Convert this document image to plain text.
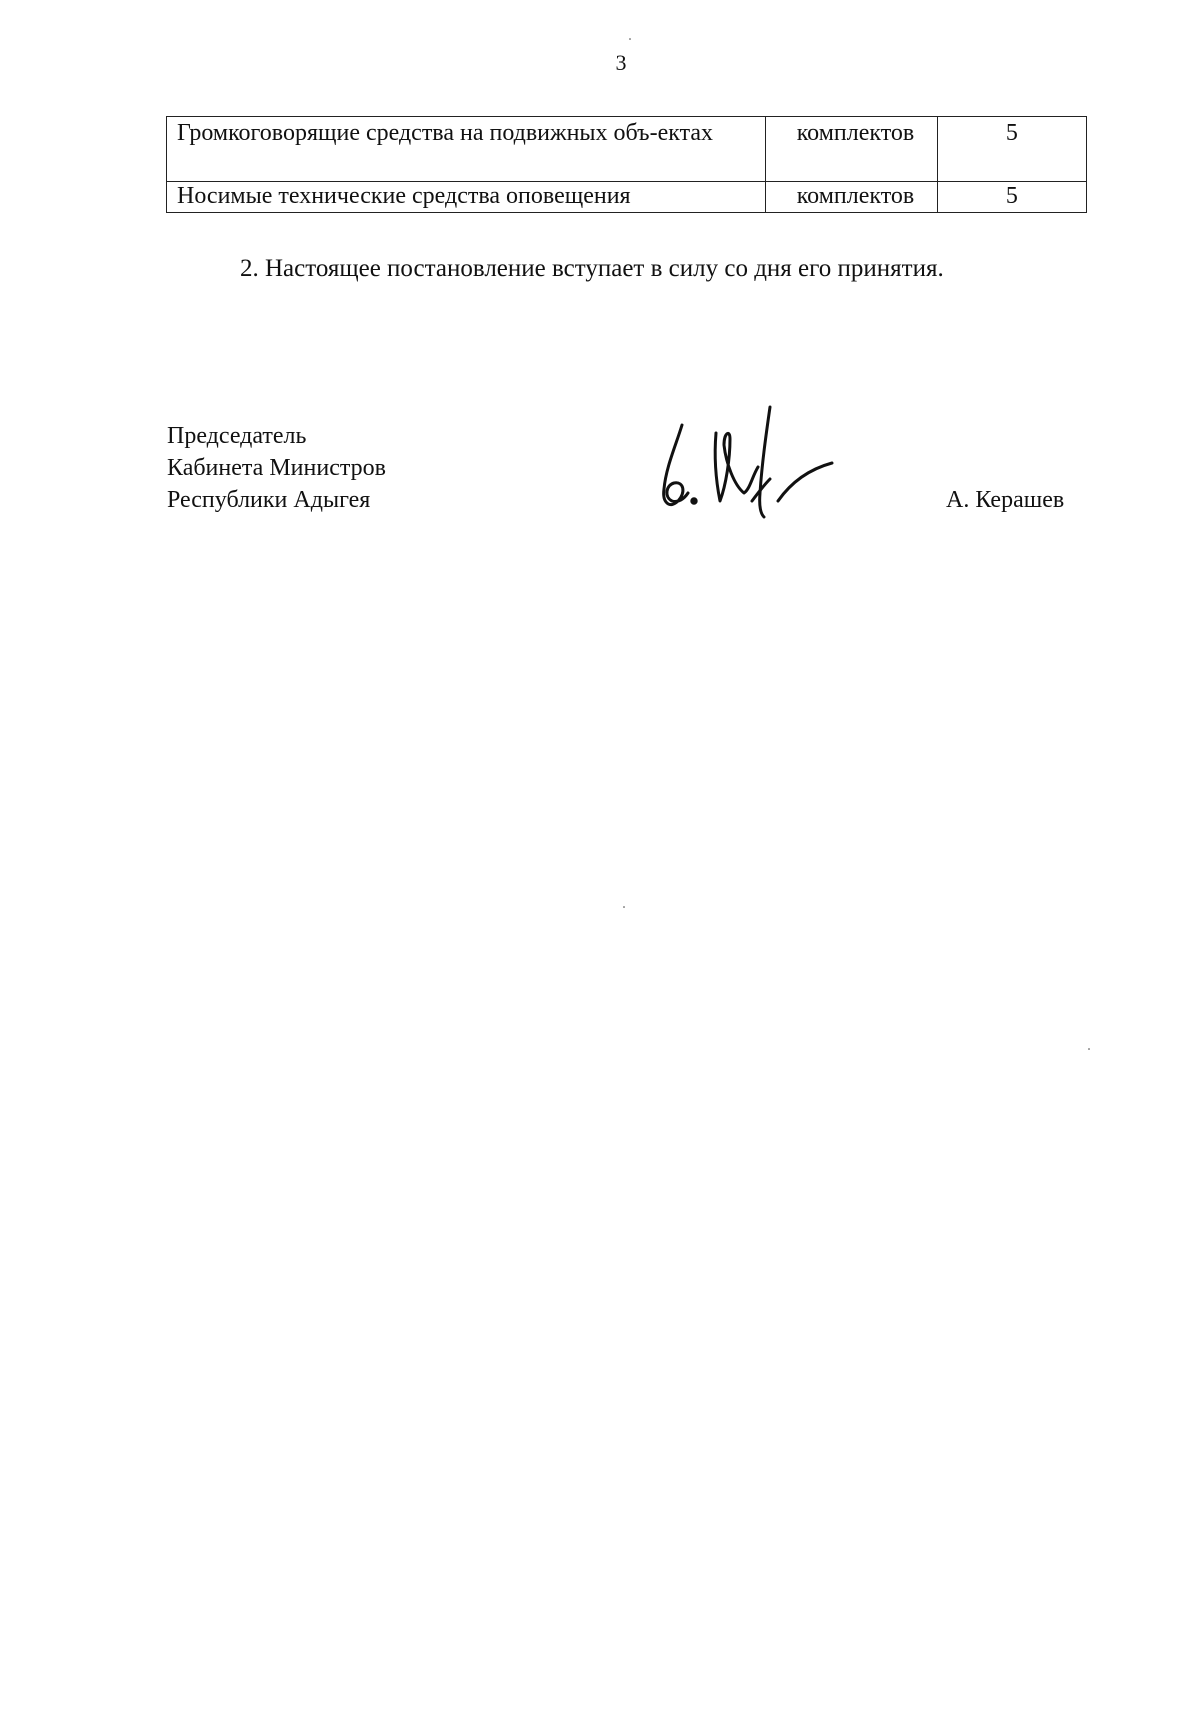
3
Громкоговорящие средства на подвижных объ-ектах	комплектов	5
Носимые технические средства оповещения	комплектов	5
2. Настоящее постановление вступает в силу со дня его принятия.
Председатель
Кабинета Министров
Республики Адыгея	А. Керашев
